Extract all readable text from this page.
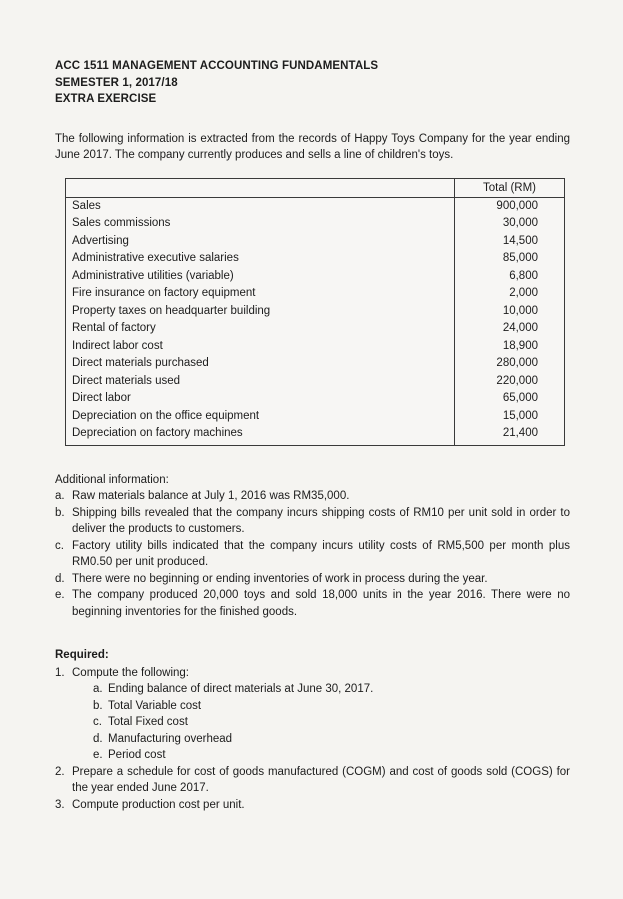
ACC 1511 MANAGEMENT ACCOUNTING FUNDAMENTALS
SEMESTER 1, 2017/18
EXTRA EXERCISE

The following information is extracted from the records of Happy Toys Company for the year ending June 2017. The company currently produces and sells a line of children's toys.

	Total (RM)
Sales	900,000
Sales commissions	30,000
Advertising	14,500
Administrative executive salaries	85,000
Administrative utilities (variable)	6,800
Fire insurance on factory equipment	2,000
Property taxes on headquarter building	10,000
Rental of factory	24,000
Indirect labor cost	18,900
Direct materials purchased	280,000
Direct materials used	220,000
Direct labor	65,000
Depreciation on the office equipment	15,000
Depreciation on factory machines	21,400
Additional information:
a. Raw materials balance at July 1, 2016 was RM35,000.
b. Shipping bills revealed that the company incurs shipping costs of RM10 per unit sold in order to deliver the products to customers.
c. Factory utility bills indicated that the company incurs utility costs of RM5,500 per month plus RM0.50 per unit produced.
d. There were no beginning or ending inventories of work in process during the year.
e. The company produced 20,000 toys and sold 18,000 units in the year 2016. There were no beginning inventories for the finished goods.
Required:
1. Compute the following:
a. Ending balance of direct materials at June 30, 2017.
b. Total Variable cost
c. Total Fixed cost
d. Manufacturing overhead
e. Period cost
2. Prepare a schedule for cost of goods manufactured (COGM) and cost of goods sold (COGS) for the year ended June 2017.
3. Compute production cost per unit.
